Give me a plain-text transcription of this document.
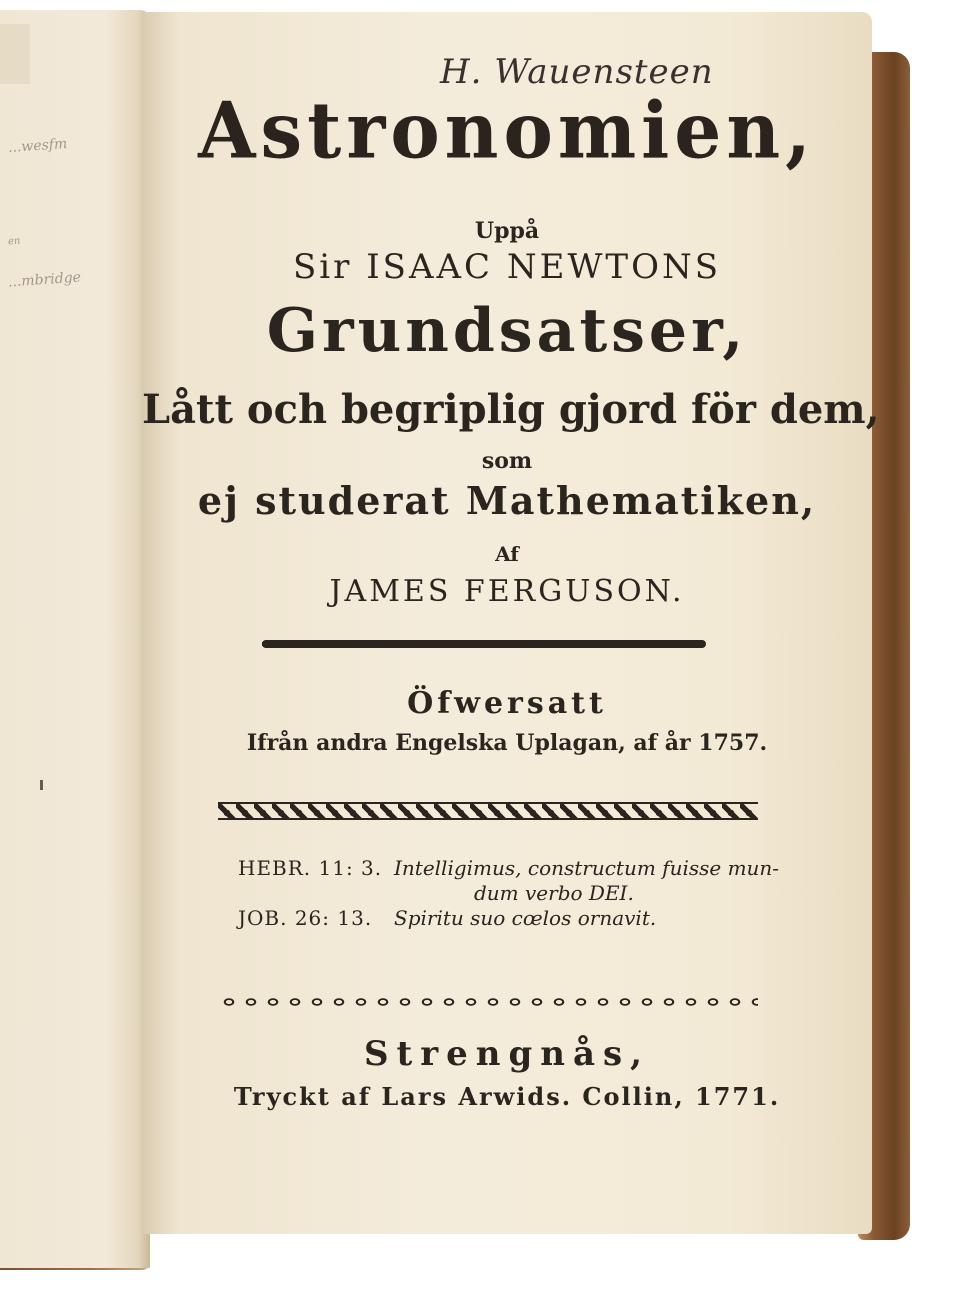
...wesfm
en
...mbridge
H. Wauensteen
Astronomien,
Uppå
Sir ISAAC NEWTONS
Grundsatser,
Lått och begriplig gjord för dem,
som
ej studerat Mathematiken,
Af
JAMES FERGUSON.
Öfwersatt
Ifrån andra Engelska Uplagan, af år 1757.
HEBR. 11: 3. Intelligimus, constructum fuisse mun-
dum verbo DEI.
JOB. 26: 13. Spiritu suo cœlos ornavit.
Strengnås,
Tryckt af Lars Arwids. Collin, 1771.
